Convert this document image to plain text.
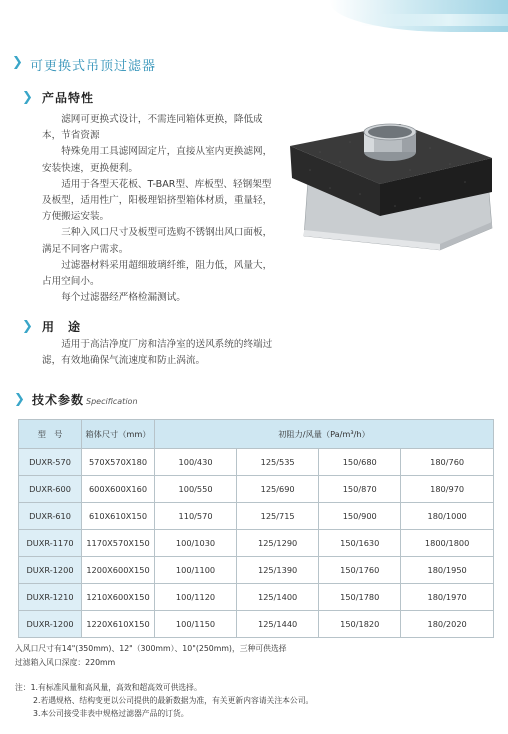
❯ 可更换式吊顶过滤器
❯ 产品特性

滤网可更换式设计，不需连同箱体更换，降低成本，节省资源

特殊免用工具滤网固定片，直接从室内更换滤网，安装快速，更换便利。

适用于各型天花板、T-BAR型、库板型、轻钢架型及板型，适用性广，阳极理铝挤型箱体材质，重量轻，方便搬运安装。

三种入风口尺寸及板型可选购不锈钢出风口面板，满足不同客户需求。

过滤器材料采用超细玻璃纤维，阻力低，风量大，占用空间小。

每个过滤器经严格检漏测试。

❯ 用　途
适用于高洁净度厂房和洁净室的送风系统的终端过滤，有效地确保气流速度和防止涡流。
❯ 技术参数 Specification
型　号	箱体尺寸（mm）	初阻力/风量（Pa/m³/h）			
DUXR-570	570X570X180	100/430	125/535	150/680	180/760
DUXR-600	600X600X160	100/550	125/690	150/870	180/970
DUXR-610	610X610X150	110/570	125/715	150/900	180/1000
DUXR-1170	1170X570X150	100/1030	125/1290	150/1630	1800/1800
DUXR-1200	1200X600X150	100/1100	125/1390	150/1760	180/1950
DUXR-1210	1210X600X150	100/1120	125/1400	150/1780	180/1970
DUXR-1200	1220X610X150	100/1150	125/1440	150/1820	180/2020
入风口尺寸有14"(350mm)、12"（300mm）、10"(250mm)，三种可供选择
过滤箱入风口深度：220mm
注：1.有标准风量和高风量，高效和超高效可供选择。
2.若遇规格、结构变更以公司提供的最新数据为准，有关更新内容请关注本公司。
3.本公司接受非表中规格过滤器产品的订货。
